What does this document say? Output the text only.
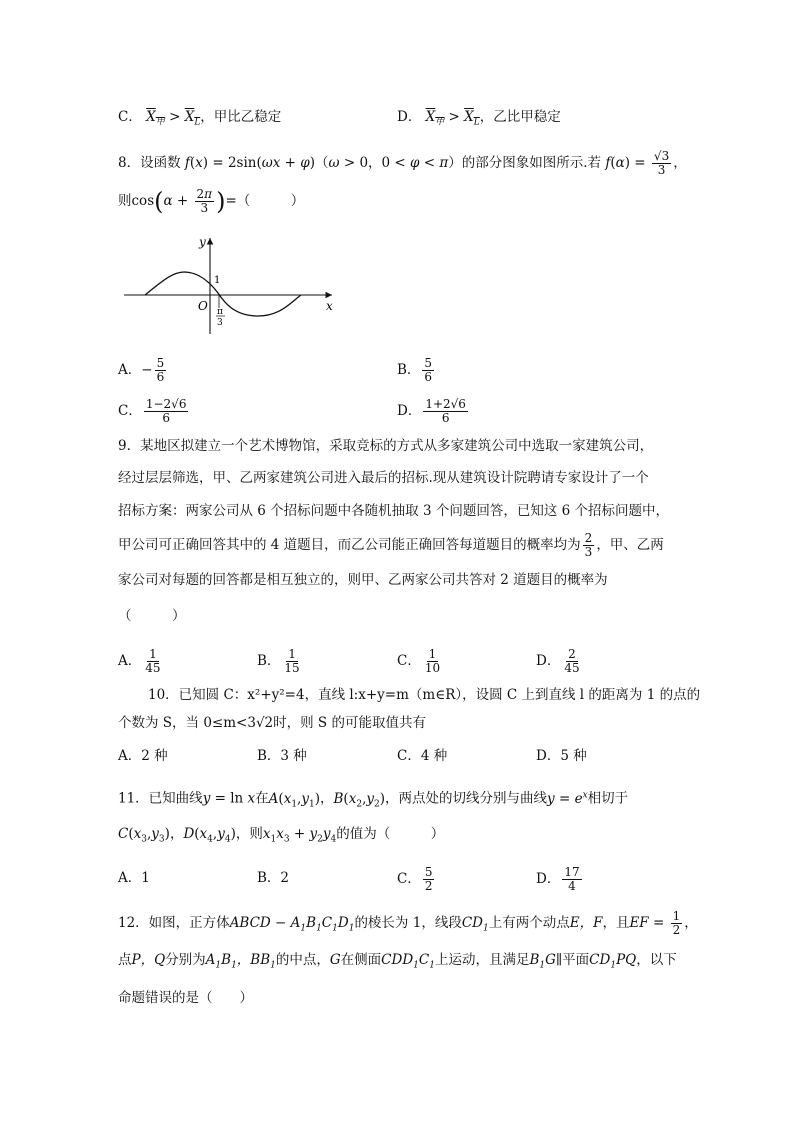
C． $X_甲 > X_L$，甲比乙稳定	D． $X_甲 > X_L$，乙比甲稳定
8．设函数 f(x) = 2sin(ωx + φ)（ω > 0，0 < φ < π）的部分图象如图所示.若 $f(\alpha) = \frac{√3}{3}$ ，
则$\cos(\alpha + \frac{2\pi}{3}$ )=（　　　）
y
x
O
1
π
3
A．− $\frac{5}{6}$	B． $\frac{5}{6}$
C． $\frac{1-2√6}{6}$	D． $\frac{1+2√6}{6}$
9．某地区拟建立一个艺术博物馆，采取竞标的方式从多家建筑公司中选取一家建筑公司，
经过层层筛选，甲、乙两家建筑公司进入最后的招标.现从建筑设计院聘请专家设计了一个
招标方案：两家公司从 6 个招标问题中各随机抽取 3 个问题回答，已知这 6 个招标问题中，
甲公司可正确回答其中的 4 道题目，而乙公司能正确回答每道题目的概率均为 $\frac{2}{3}$ ，甲、乙两
家公司对每题的回答都是相互独立的，则甲、乙两家公司共答对 2 道题目的概率为
（　　　）
A． $\frac{1}{45}$	B． $\frac{1}{15}$	C． $\frac{1}{10}$	D． $\frac{2}{45}$
10．已知圆 C：x²+y²=4，直线 l:x+y=m（m∈R），设圆 C 上到直线 l 的距离为 1 的点的
个数为 S，当 0≤m<3√2时，则 S 的可能取值共有
A．2 种	B．3 种	C．4 种	D．5 种
11．已知曲线y = ln x在$A(x_1,y_1)$，$B(x_2,y_2)$，两点处的切线分别与曲线$y = e^x$相切于
$C(x_3,y_3)$，$D(x_4,y_4)$，则$x_1x_3 + y_2y_4$的值为（　　　）
A．1	B．2	C． $\frac{5}{2}$	D． $\frac{17}{4}$
12．如图，正方体ABCD − $A_1B_1C_1D_1$的棱长为 1，线段$CD_1$上有两个动点E，F，且EF = $\frac{1}{2}$ ，
点P，Q分别为$A_1B_1$，$BB_1$的中点，G在侧面$CDD_1C_1$上运动，且满足$B_1G\parallel$平面$CD_1PQ$，以下
命题错误的是（　　）
